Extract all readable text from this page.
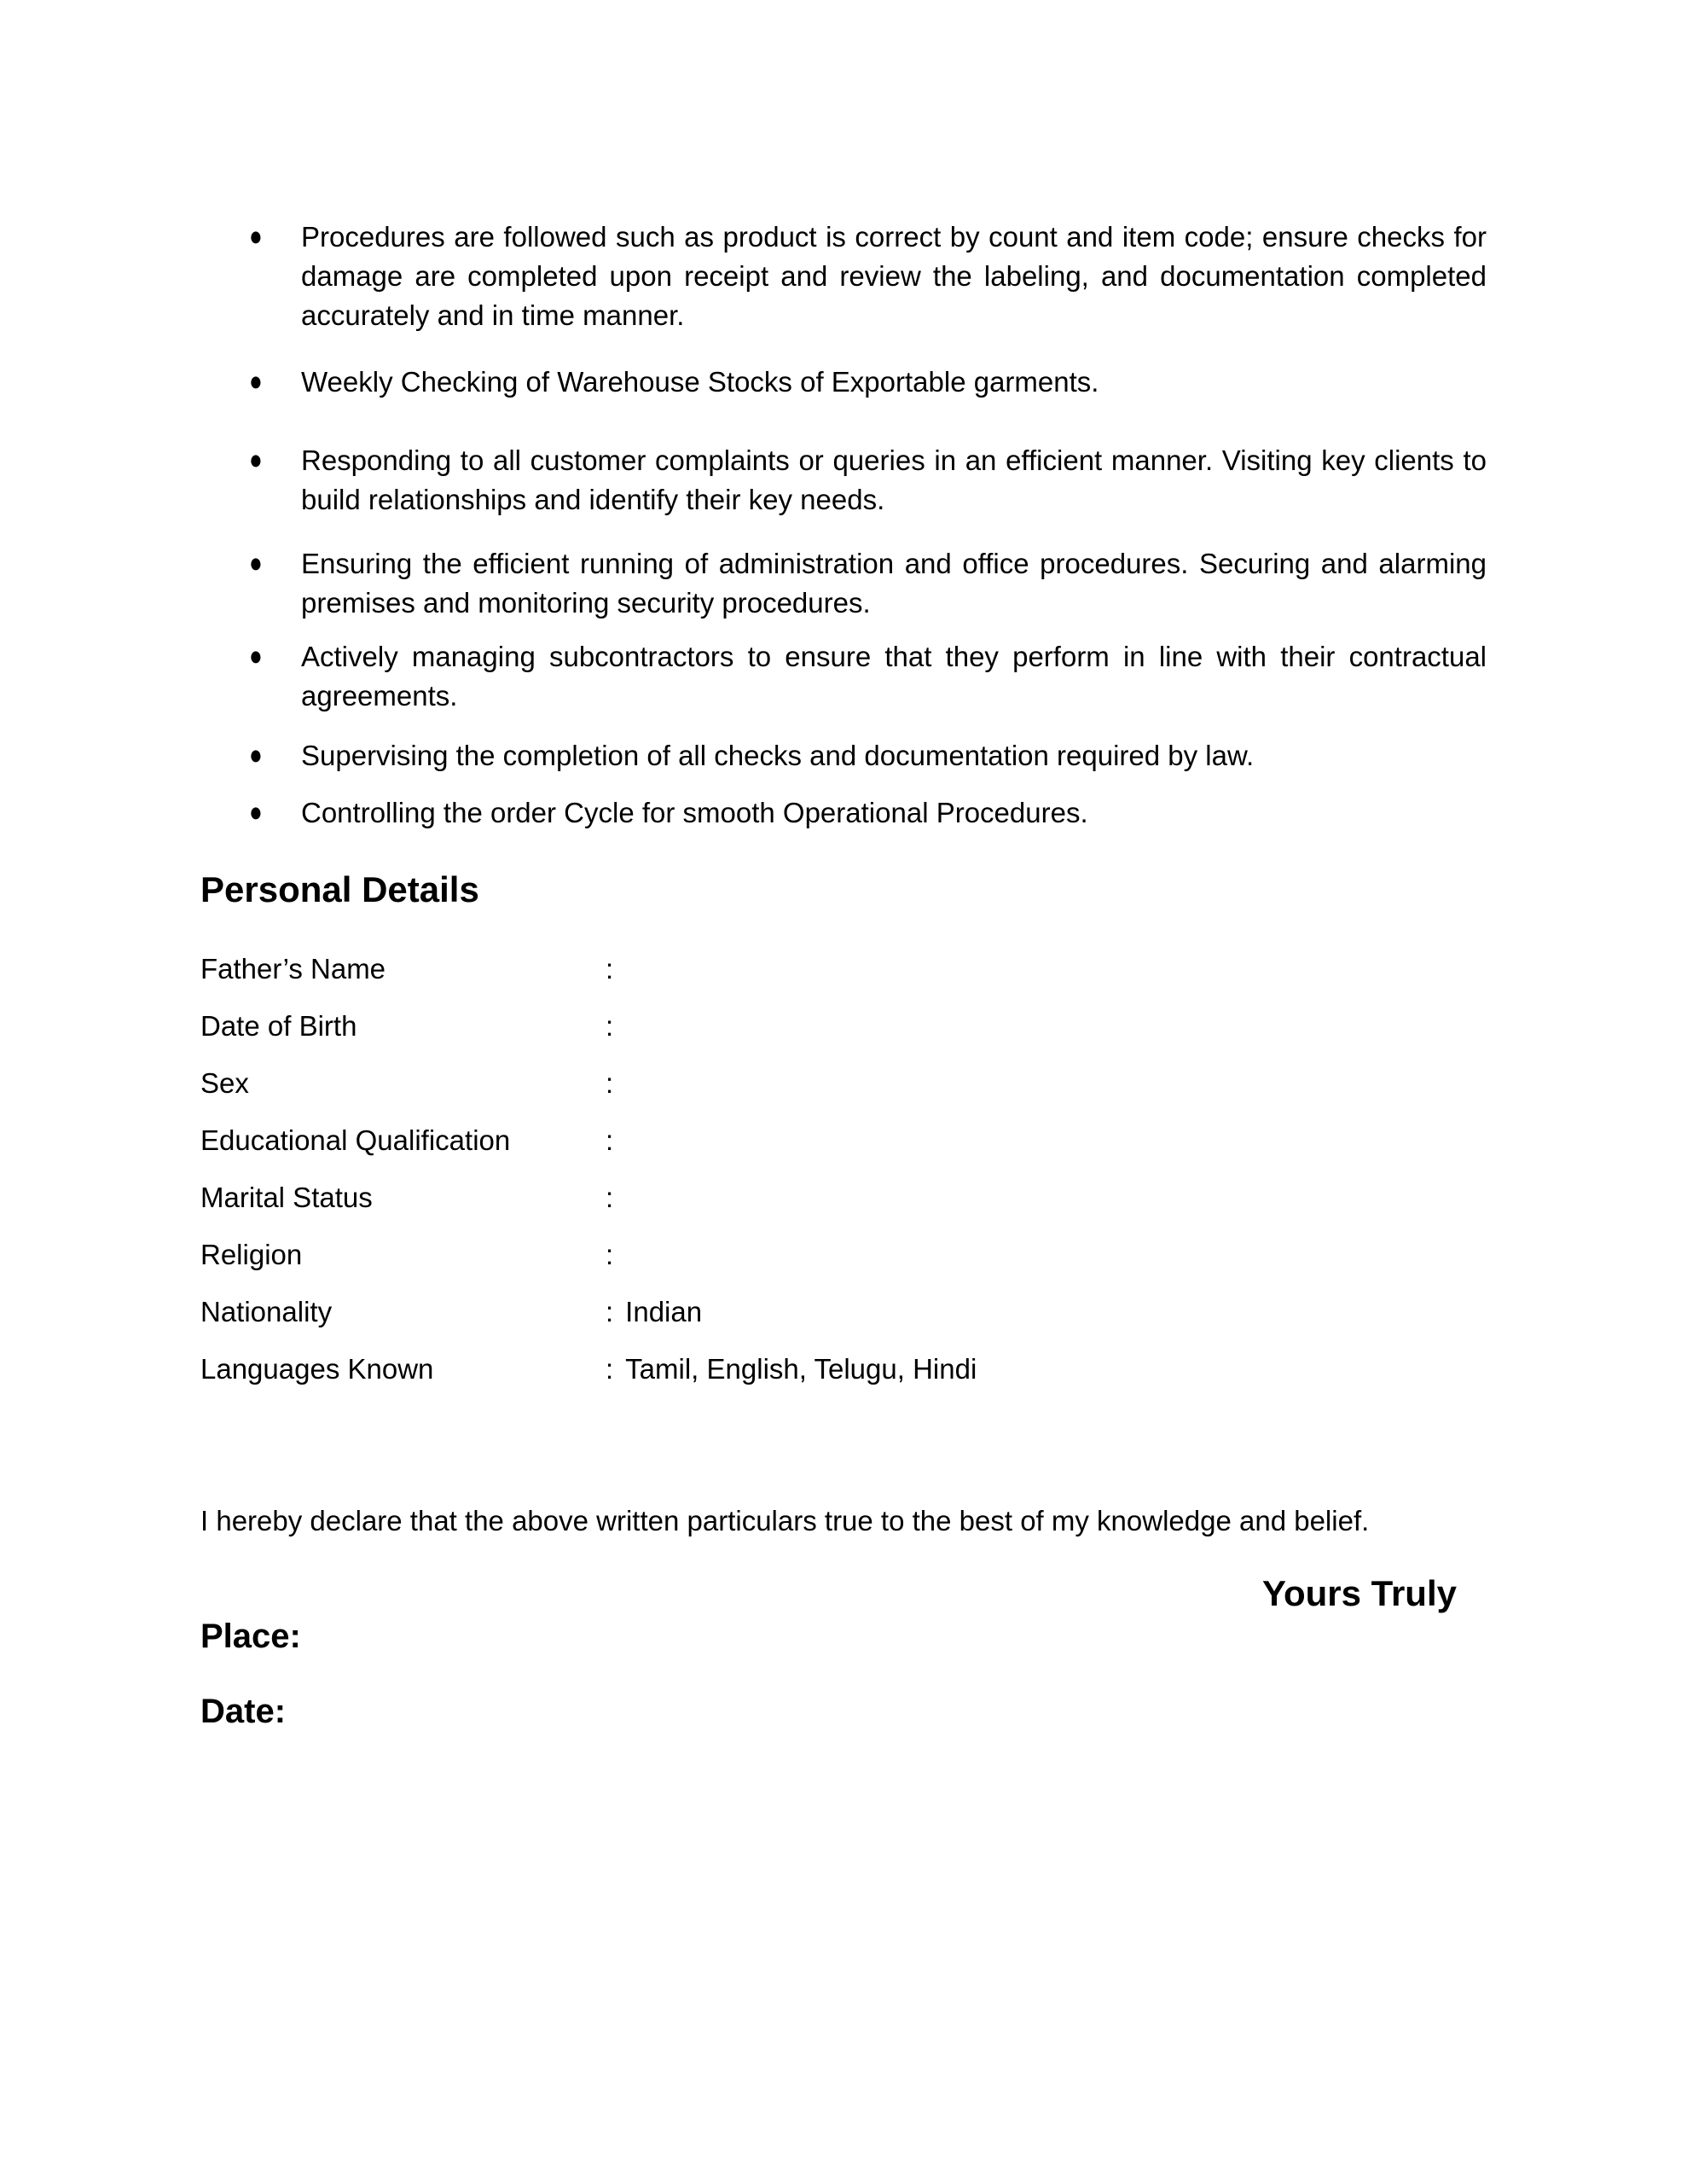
● Procedures are followed such as product is correct by count and item code; ensure checks for damage are completed upon receipt and review the labeling, and documentation completed accurately and in time manner.
● Weekly Checking of Warehouse Stocks of Exportable garments.
● Responding to all customer complaints or queries in an efficient manner. Visiting key clients to build relationships and identify their key needs.
● Ensuring the efficient running of administration and office procedures. Securing and alarming premises and monitoring security procedures.
● Actively managing subcontractors to ensure that they perform in line with their contractual agreements.
● Supervising the completion of all checks and documentation required by law.
● Controlling the order Cycle for smooth Operational Procedures.
Personal Details
Father’s Name	:
Date of Birth	:
Sex	:
Educational Qualification	:
Marital Status	:
Religion	:
Nationality	: Indian
Languages Known	: Tamil, English, Telugu, Hindi
I hereby declare that the above written particulars true to the best of my knowledge and belief.
Yours Truly
Place:
Date:
